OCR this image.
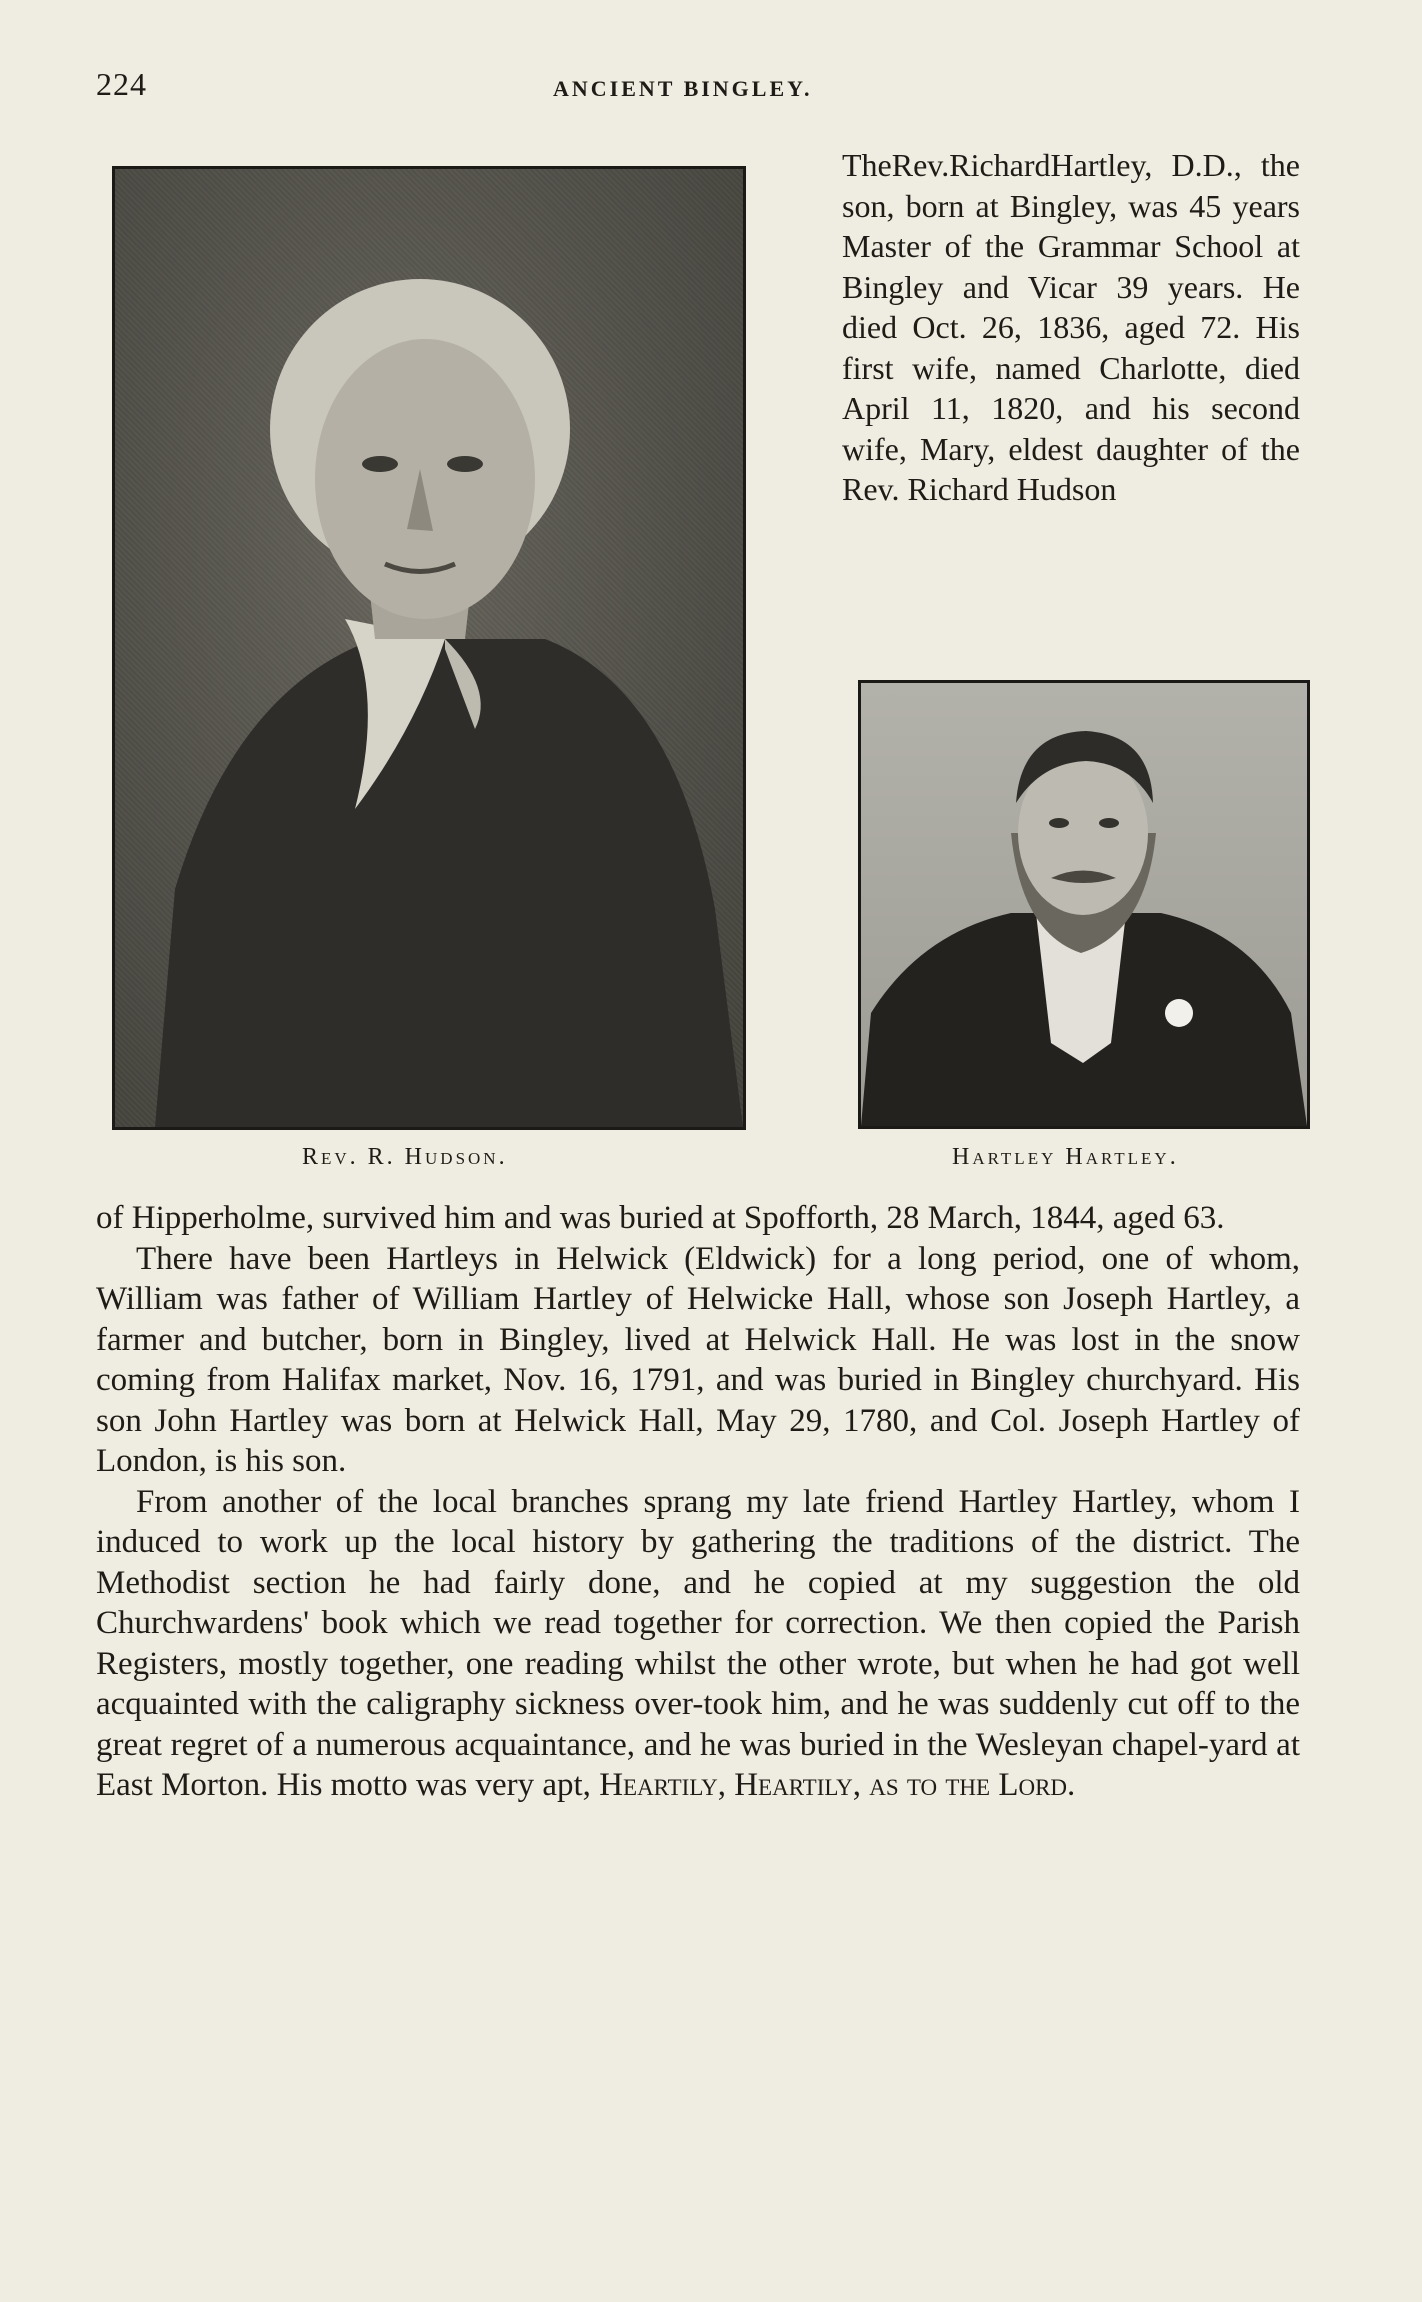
224	ANCIENT BINGLEY.
Rev. R. Hudson.	Hartley Hartley.
TheRev.RichardHartley, D.D., the son, born at Bingley, was 45 years Master of the Grammar School at Bingley and Vicar 39 years. He died Oct. 26, 1836, aged 72. His first wife, named Charlotte, died April 11, 1820, and his second wife, Mary, eldest daughter of the Rev. Richard Hudson

of Hipperholme, survived him and was buried at Spofforth, 28 March, 1844, aged 63.

There have been Hartleys in Helwick (Eldwick) for a long period, one of whom, William was father of William Hartley of Helwicke Hall, whose son Joseph Hartley, a farmer and butcher, born in Bingley, lived at Helwick Hall. He was lost in the snow coming from Halifax market, Nov. 16, 1791, and was buried in Bingley churchyard. His son John Hartley was born at Helwick Hall, May 29, 1780, and Col. Joseph Hartley of London, is his son.

From another of the local branches sprang my late friend Hartley Hartley, whom I induced to work up the local history by gathering the traditions of the district. The Methodist section he had fairly done, and he copied at my suggestion the old Churchwardens' book which we read together for correction. We then copied the Parish Registers, mostly together, one reading whilst the other wrote, but when he had got well acquainted with the caligraphy sickness over-took him, and he was suddenly cut off to the great regret of a numerous acquaintance, and he was buried in the Wesleyan chapel-yard at East Morton. His motto was very apt, Heartily, Heartily, as to the Lord.
